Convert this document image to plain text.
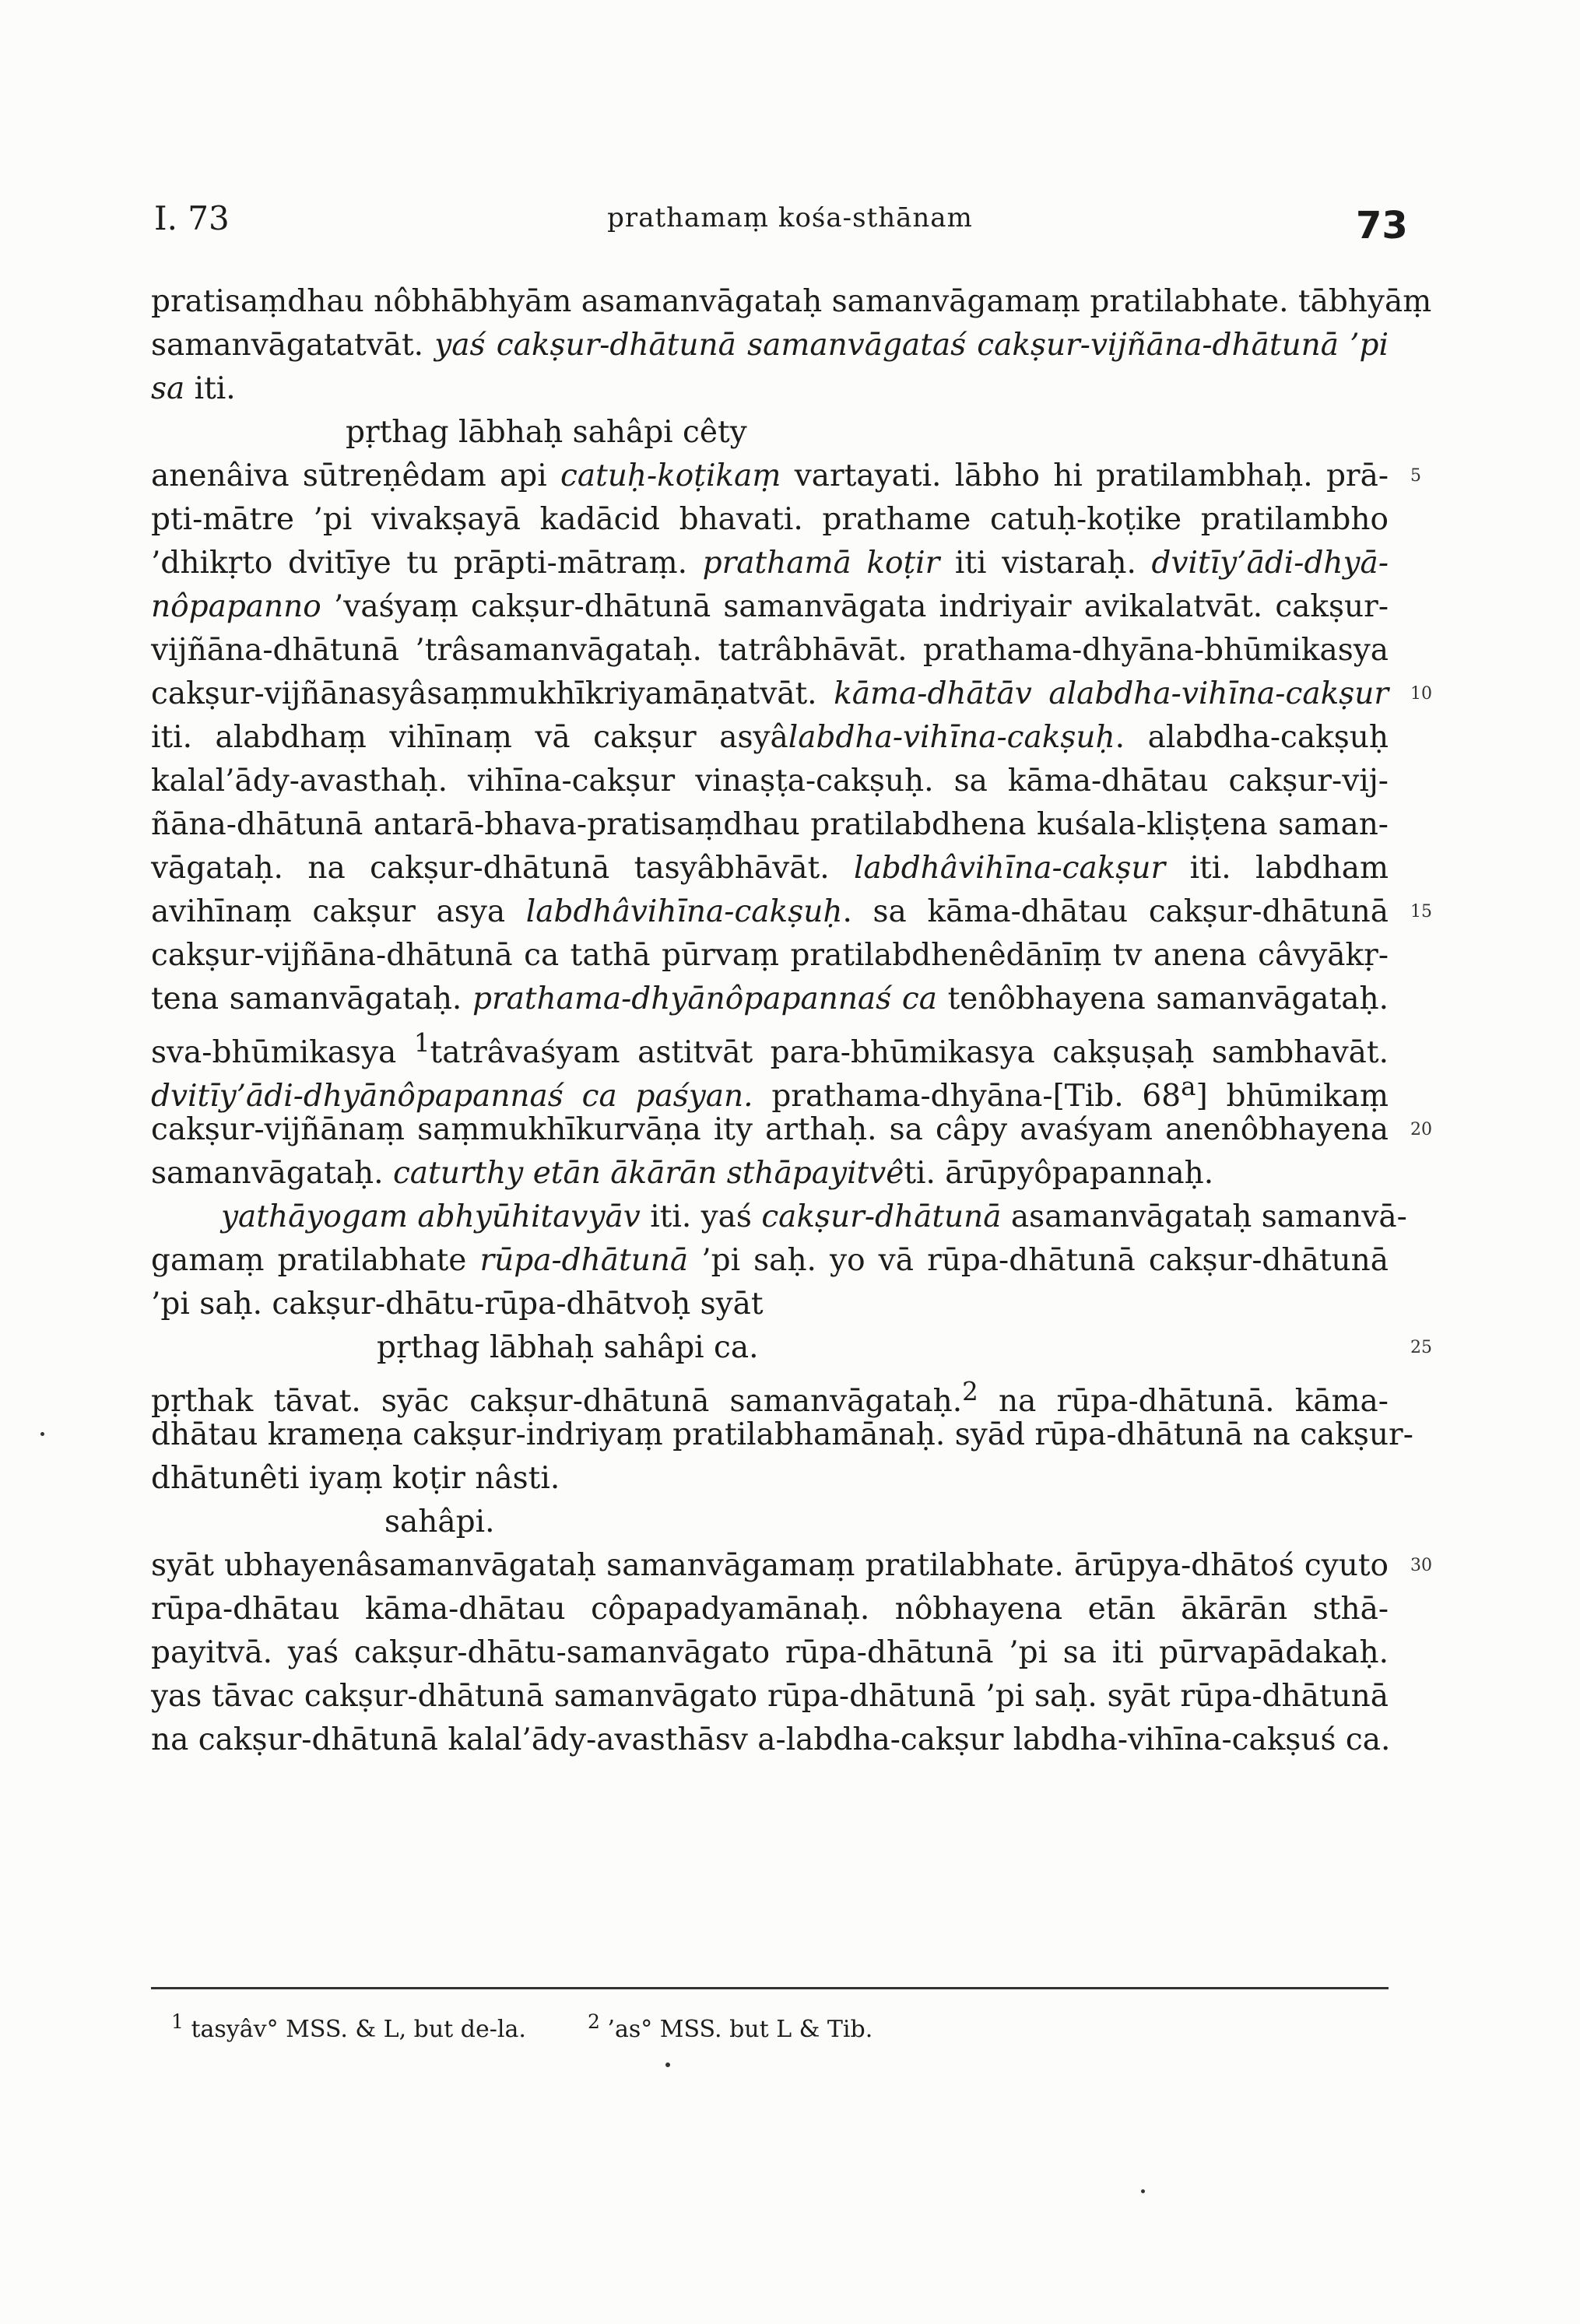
I. 73	prathamaṃ kośa-sthānam	73
pratisaṃdhau nôbhābhyām asamanvāgataḥ samanvāgamaṃ pratilabhate. tābhyāṃ
samanvāgatatvāt. yaś cakṣur-dhātunā samanvāgataś cakṣur-vijñāna-dhātunā ’pi
sa iti.
pṛthag lābhaḥ sahâpi cêty
anenâiva sūtreṇêdam api catuḥ-koṭikaṃ vartayati. lābho hi pratilambhaḥ. prā- 5
pti-mātre ’pi vivakṣayā kadācid bhavati. prathame catuḥ-koṭike pratilambho
’dhikṛto dvitīye tu prāpti-mātraṃ. prathamā koṭir iti vistaraḥ. dvitīy’ādi-dhyā-
nôpapanno ’vaśyaṃ cakṣur-dhātunā samanvāgata indriyair avikalatvāt. cakṣur-
vijñāna-dhātunā ’trâsamanvāgataḥ. tatrâbhāvāt. prathama-dhyāna-bhūmikasya
cakṣur-vijñānasyâsaṃmukhīkriyamāṇatvāt. kāma-dhātāv alabdha-vihīna-cakṣur 10
iti. alabdhaṃ vihīnaṃ vā cakṣur asyâlabdha-vihīna-cakṣuḥ. alabdha-cakṣuḥ
kalal’ādy-avasthaḥ. vihīna-cakṣur vinaṣṭa-cakṣuḥ. sa kāma-dhātau cakṣur-vij-
ñāna-dhātunā antarā-bhava-pratisaṃdhau pratilabdhena kuśala-kliṣṭena saman-
vāgataḥ. na cakṣur-dhātunā tasyâbhāvāt. labdhâvihīna-cakṣur iti. labdham
avihīnaṃ cakṣur asya labdhâvihīna-cakṣuḥ. sa kāma-dhātau cakṣur-dhātunā 15
cakṣur-vijñāna-dhātunā ca tathā pūrvaṃ pratilabdhenêdānīṃ tv anena câvyākṛ-
tena samanvāgataḥ. prathama-dhyānôpapannaś ca tenôbhayena samanvāgataḥ.
sva-bhūmikasya $^1$tatrâvaśyam astitvāt para-bhūmikasya cakṣuṣaḥ sambhavāt.
dvitīy’ādi-dhyānôpapannaś ca paśyan. prathama-dhyāna-[Tib. 68$^a$] bhūmikaṃ
cakṣur-vijñānaṃ saṃmukhīkurvāṇa ity arthaḥ. sa câpy avaśyam anenôbhayena 20
samanvāgataḥ. caturthy etān ākārān sthāpayitvêti. ārūpyôpapannaḥ.
yathāyogam abhyūhitavyāv iti. yaś cakṣur-dhātunā asamanvāgataḥ samanvā-
gamaṃ pratilabhate rūpa-dhātunā ’pi saḥ. yo vā rūpa-dhātunā cakṣur-dhātunā
’pi saḥ. cakṣur-dhātu-rūpa-dhātvoḥ syāt
pṛthag lābhaḥ sahâpi ca.	25
pṛthak tāvat. syāc cakṣur-dhātunā samanvāgataḥ.$^2$ na rūpa-dhātunā. kāma-
dhātau krameṇa cakṣur-indriyaṃ pratilabhamānaḥ. syād rūpa-dhātunā na cakṣur-
dhātunêti iyaṃ koṭir nâsti.
sahâpi.
syāt ubhayenâsamanvāgataḥ samanvāgamaṃ pratilabhate. ārūpya-dhātoś cyuto 30
rūpa-dhātau kāma-dhātau côpapadyamānaḥ. nôbhayena etān ākārān sthā-
payitvā. yaś cakṣur-dhātu-samanvāgato rūpa-dhātunā ’pi sa iti pūrvapādakaḥ.
yas tāvac cakṣur-dhātunā samanvāgato rūpa-dhātunā ’pi saḥ. syāt rūpa-dhātunā
na cakṣur-dhātunā kalal’ādy-avasthāsv a-labdha-cakṣur labdha-vihīna-cakṣuś ca.
$^1$ tasyâv° MSS. & L, but de-la.	$^2$ ’as° MSS. but L & Tib.
